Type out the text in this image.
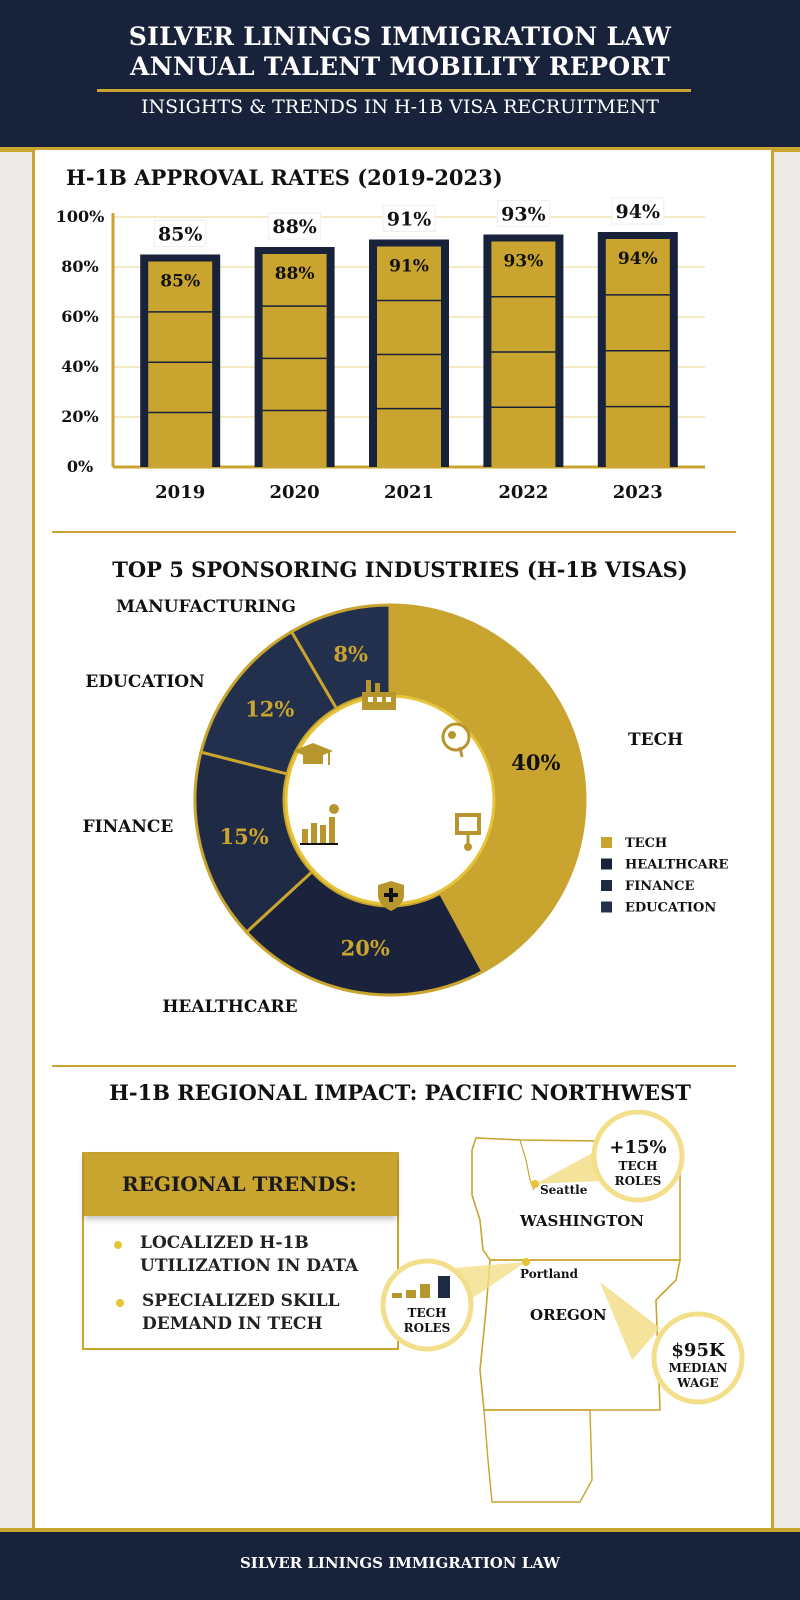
SILVER LININGS IMMIGRATION LAW
ANNUAL TALENT MOBILITY REPORT
INSIGHTS & TRENDS IN H-1B VISA RECRUITMENT
H-1B APPROVAL RATES (2019-2023)
0%
20%
40%
60%
80%
100%
85%
85%
2019
88%
88%
2020
91%
91%
2021
93%
93%
2022
94%
94%
2023
TOP 5 SPONSORING INDUSTRIES (H-1B VISAS)
40%
20%
15%
12%
8%
TECH
HEALTHCARE
FINANCE
EDUCATION
MANUFACTURING
TECH
HEALTHCARE
FINANCE
EDUCATION
H-1B REGIONAL IMPACT: PACIFIC NORTHWEST
REGIONAL TRENDS:
LOCALIZED H-1B
UTILIZATION IN DATA
SPECIALIZED SKILL
DEMAND IN TECH
+15%
TECH
ROLES
TECH
ROLES
$95K
MEDIAN
WAGE
Seattle
WASHINGTON
Portland
OREGON
SILVER LININGS IMMIGRATION LAW
